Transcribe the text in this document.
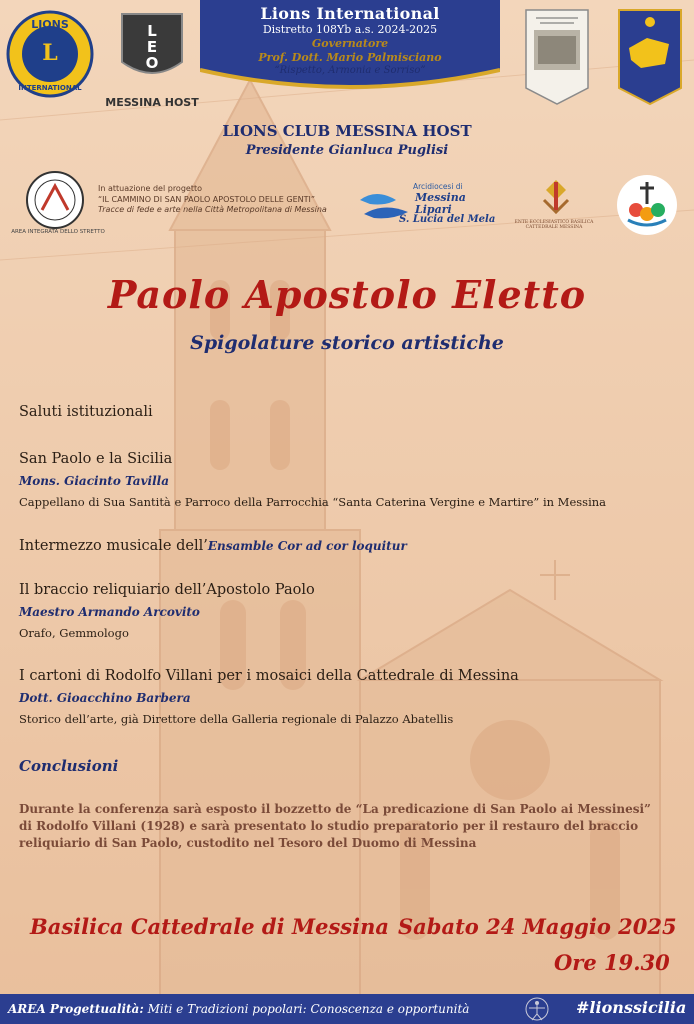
LIONS
INTERNATIONAL
L
L
E
O
MESSINA HOST
Lions International
Distretto 108Yb a.s. 2024-2025
Governatore
Prof. Dott. Mario Palmisciano
“Rispetto, Armonia e Sorriso”
LIONS CLUB MESSINA HOST
Presidente Gianluca Puglisi
AREA INTEGRATA DELLO STRETTO
In attuazione del progetto
“IL CAMMINO DI SAN PAOLO APOSTOLO DELLE GENTI”
Tracce di fede e arte nella Città Metropolitana di Messina
Arcidiocesi di
Messina
Lipari
S. Lucia del Mela	ENTE ECCLESIASTICO BASILICA CATTEDRALE MESSINA
Paolo Apostolo Eletto
Spigolature storico artistiche
Saluti istituzionali
San Paolo e la Sicilia
Mons. Giacinto Tavilla
Cappellano di Sua Santità e Parroco della Parrocchia “Santa Caterina Vergine e Martire” in Messina
Intermezzo musicale dell’Ensamble Cor ad cor loquitur
Il braccio reliquiario dell’Apostolo Paolo
Maestro Armando Arcovito
Orafo, Gemmologo
I cartoni di Rodolfo Villani per i mosaici della Cattedrale di Messina
Dott. Gioacchino Barbera
Storico dell’arte, già Direttore della Galleria regionale di Palazzo Abatellis
Conclusioni
Durante la conferenza sarà esposto il bozzetto de “La predicazione di San Paolo ai Messinesi”
di Rodolfo Villani (1928) e sarà presentato lo studio preparatorio per il restauro del braccio
reliquiario di San Paolo, custodito nel Tesoro del Duomo di Messina
Basilica Cattedrale di Messina Sabato 24 Maggio 2025
Ore 19.30
AREA Progettualità: Miti e Tradizioni popolari: Conoscenza e opportunità	#lionssicilia
